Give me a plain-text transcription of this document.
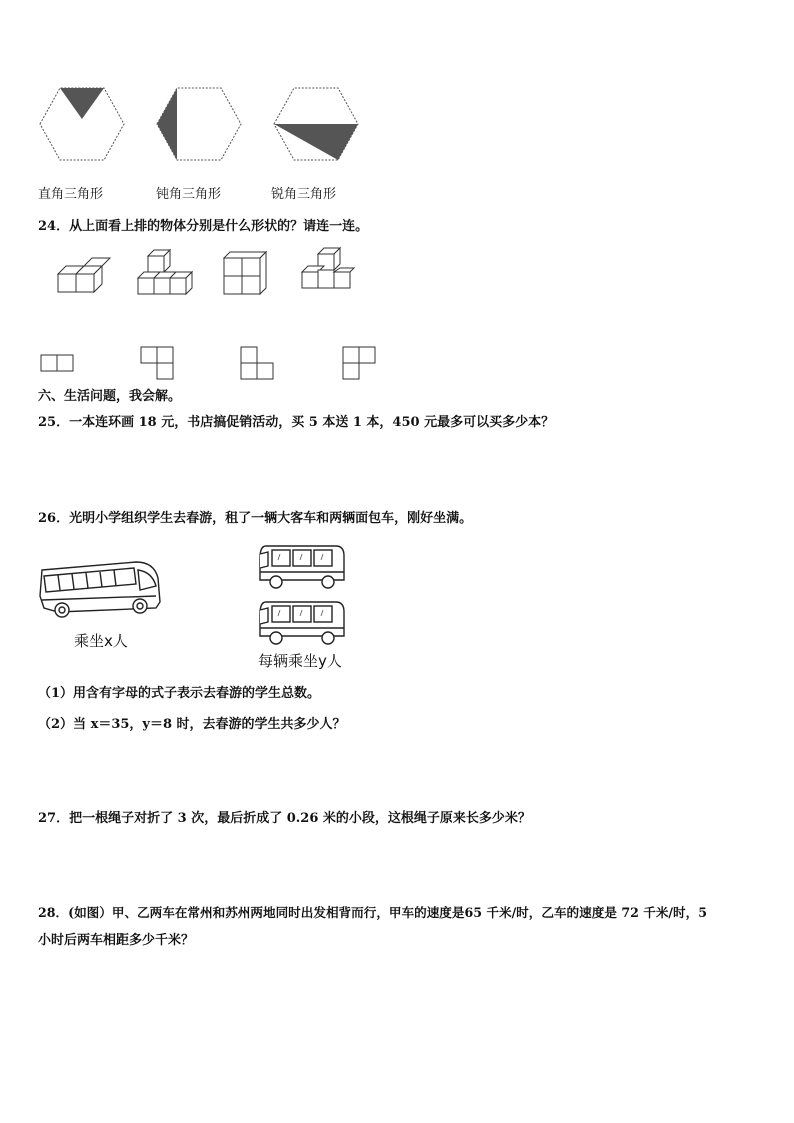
直角三角形	钝角三角形	锐角三角形
24．从上面看上排的物体分别是什么形状的？请连一连。
六、生活问题，我会解。
25．一本连环画 18 元，书店搞促销活动，买 5 本送 1 本，450 元最多可以买多少本？
26．光明小学组织学生去春游，租了一辆大客车和两辆面包车，刚好坐满。
乘坐x人
每辆乘坐y人
（1）用含有字母的式子表示去春游的学生总数。
（2）当 x＝35，y＝8 时，去春游的学生共多少人？
27．把一根绳子对折了 3 次，最后折成了 0.26 米的小段，这根绳子原来长多少米？
28．(如图）甲、乙两车在常州和苏州两地同时出发相背而行，甲车的速度是65 千米/时，乙车的速度是 72 千米/时，5
小时后两车相距多少千米？
